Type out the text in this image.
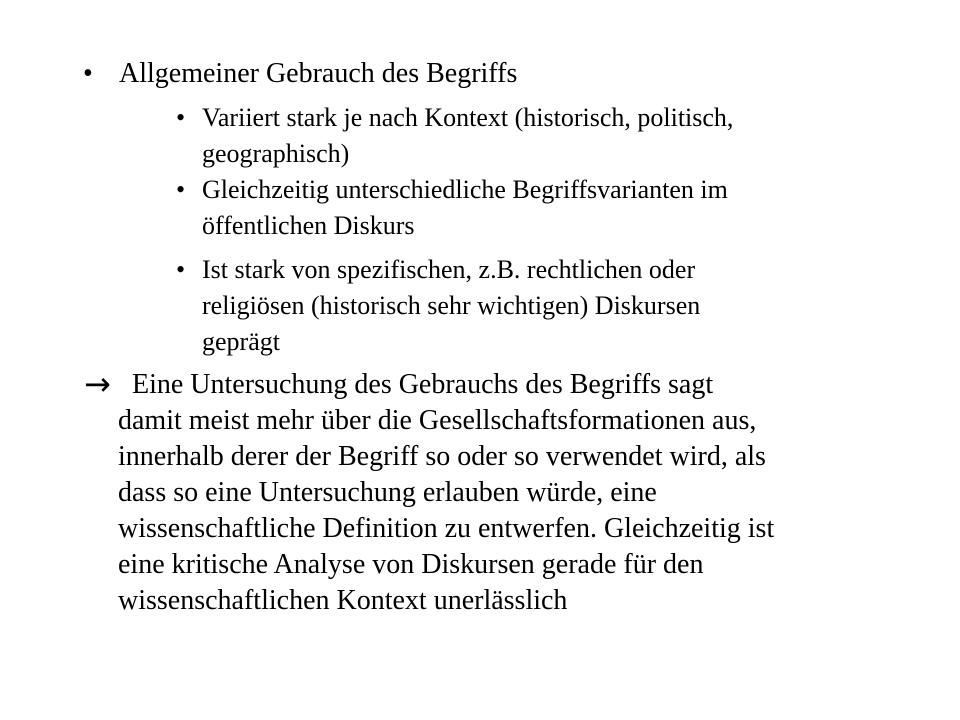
• Allgemeiner Gebrauch des Begriffs
• Variiert stark je nach Kontext (historisch, politisch,
geographisch)
• Gleichzeitig unterschiedliche Begriffsvarianten im
öffentlichen Diskurs
• Ist stark von spezifischen, z.B. rechtlichen oder
religiösen (historisch sehr wichtigen) Diskursen
geprägt
→ Eine Untersuchung des Gebrauchs des Begriffs sagt
damit meist mehr über die Gesellschaftsformationen aus,
innerhalb derer der Begriff so oder so verwendet wird, als
dass so eine Untersuchung erlauben würde, eine
wissenschaftliche Definition zu entwerfen. Gleichzeitig ist
eine kritische Analyse von Diskursen gerade für den
wissenschaftlichen Kontext unerlässlich
